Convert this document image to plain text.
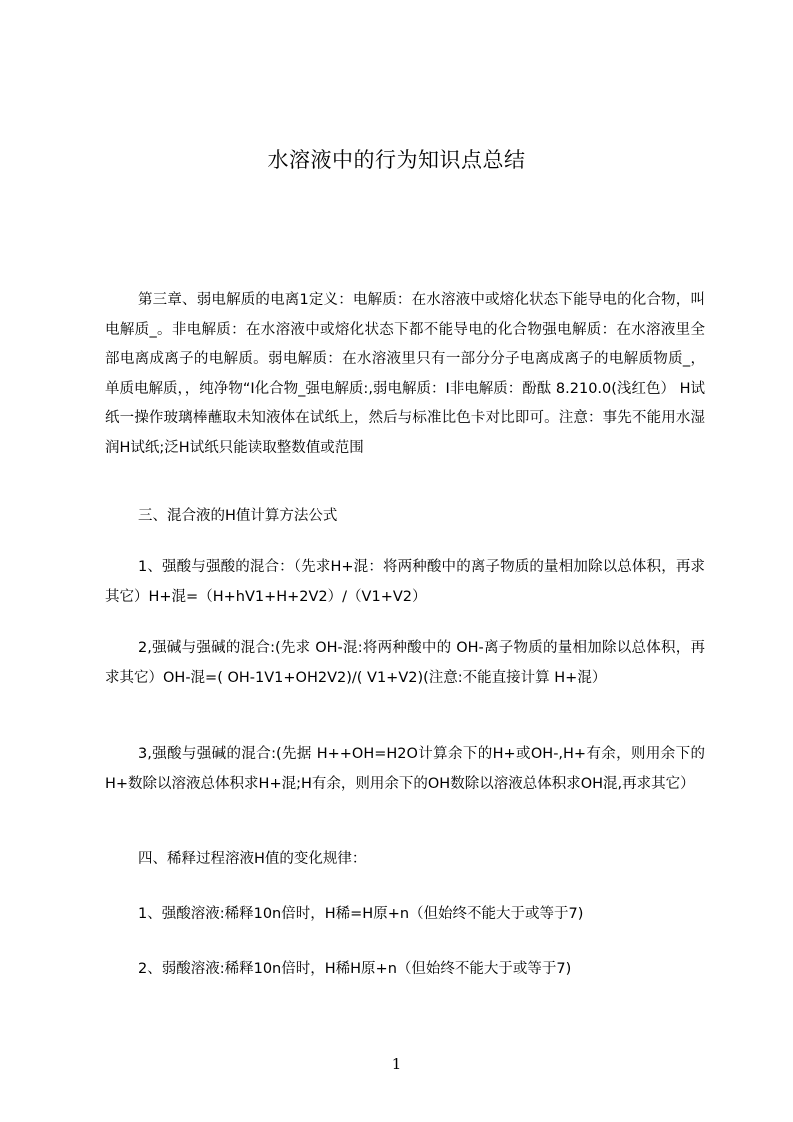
水溶液中的行为知识点总结
第三章、弱电解质的电离1定义：电解质：在水溶液中或熔化状态下能导电的化合物，叫电解质_。非电解质：在水溶液中或熔化状态下都不能导电的化合物强电解质：在水溶液里全部电离成离子的电解质。弱电解质：在水溶液里只有一部分分子电离成离子的电解质物质_，单质电解质，，纯净物“I化合物_强电解质:,弱电解质：I非电解质：酚酞 8.210.0(浅红色） H试纸一操作玻璃棒蘸取未知液体在试纸上，然后与标准比色卡对比即可。注意：事先不能用水湿润H试纸;泛H试纸只能读取整数值或范围
三、混合液的H值计算方法公式
1、强酸与强酸的混合：（先求H+混：将两种酸中的离子物质的量相加除以总体积，再求其它）H+混=（H+hV1+H+2V2）/（V1+V2）
2,强碱与强碱的混合:(先求 OH-混:将两种酸中的 OH-离子物质的量相加除以总体积，再求其它）OH-混=( OH-1V1+OH2V2)/( V1+V2)(注意:不能直接计算 H+混）
3,强酸与强碱的混合:(先据 H++OH=H2O计算余下的H+或OH-,H+有余，则用余下的H+数除以溶液总体积求H+混;H有余，则用余下的OH数除以溶液总体积求OH混,再求其它）
四、稀释过程溶液H值的变化规律：
1、强酸溶液:稀释10n倍时，H稀=H原+n（但始终不能大于或等于7)
2、弱酸溶液:稀释10n倍时，H稀H原+n（但始终不能大于或等于7)
1
